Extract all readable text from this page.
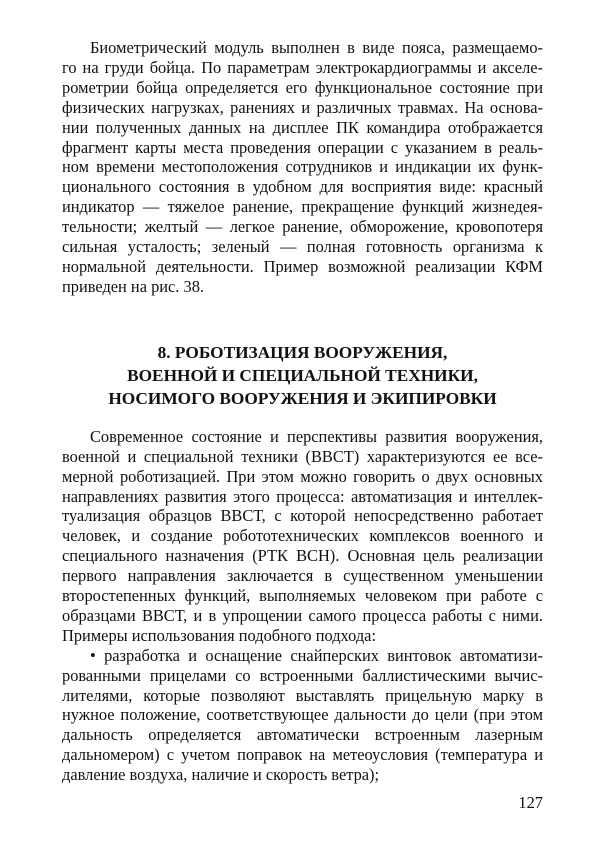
Биометрический модуль выполнен в виде пояса, размещаемо-
го на груди бойца. По параметрам электрокардиограммы и акселе-
рометрии бойца определяется его функциональное состояние при
физических нагрузках, ранениях и различных травмах. На основа-
нии полученных данных на дисплее ПК командира отображается
фрагмент карты места проведения операции с указанием в реаль-
ном времени местоположения сотрудников и индикации их функ-
ционального состояния в удобном для восприятия виде: красный
индикатор — тяжелое ранение, прекращение функций жизнедея-
тельности; желтый — легкое ранение, обморожение, кровопотеря
сильная усталость; зеленый — полная готовность организма к
нормальной деятельности. Пример возможной реализации КФМ
приведен на рис. 38.
8. РОБОТИЗАЦИЯ ВООРУЖЕНИЯ,
ВОЕННОЙ И СПЕЦИАЛЬНОЙ ТЕХНИКИ,
НОСИМОГО ВООРУЖЕНИЯ И ЭКИПИРОВКИ
Современное состояние и перспективы развития вооружения,
военной и специальной техники (ВВСТ) характеризуются ее все-
мерной роботизацией. При этом можно говорить о двух основных
направлениях развития этого процесса: автоматизация и интеллек-
туализация образцов ВВСТ, с которой непосредственно работает
человек, и создание робототехнических комплексов военного и
специального назначения (РТК ВСН). Основная цель реализации
первого направления заключается в существенном уменьшении
второстепенных функций, выполняемых человеком при работе с
образцами ВВСТ, и в упрощении самого процесса работы с ними.
Примеры использования подобного подхода:
• разработка и оснащение снайперских винтовок автоматизи-
рованными прицелами со встроенными баллистическими вычис-
лителями, которые позволяют выставлять прицельную марку в
нужное положение, соответствующее дальности до цели (при этом
дальность определяется автоматически встроенным лазерным
дальномером) с учетом поправок на метеоусловия (температура и
давление воздуха, наличие и скорость ветра);
127
